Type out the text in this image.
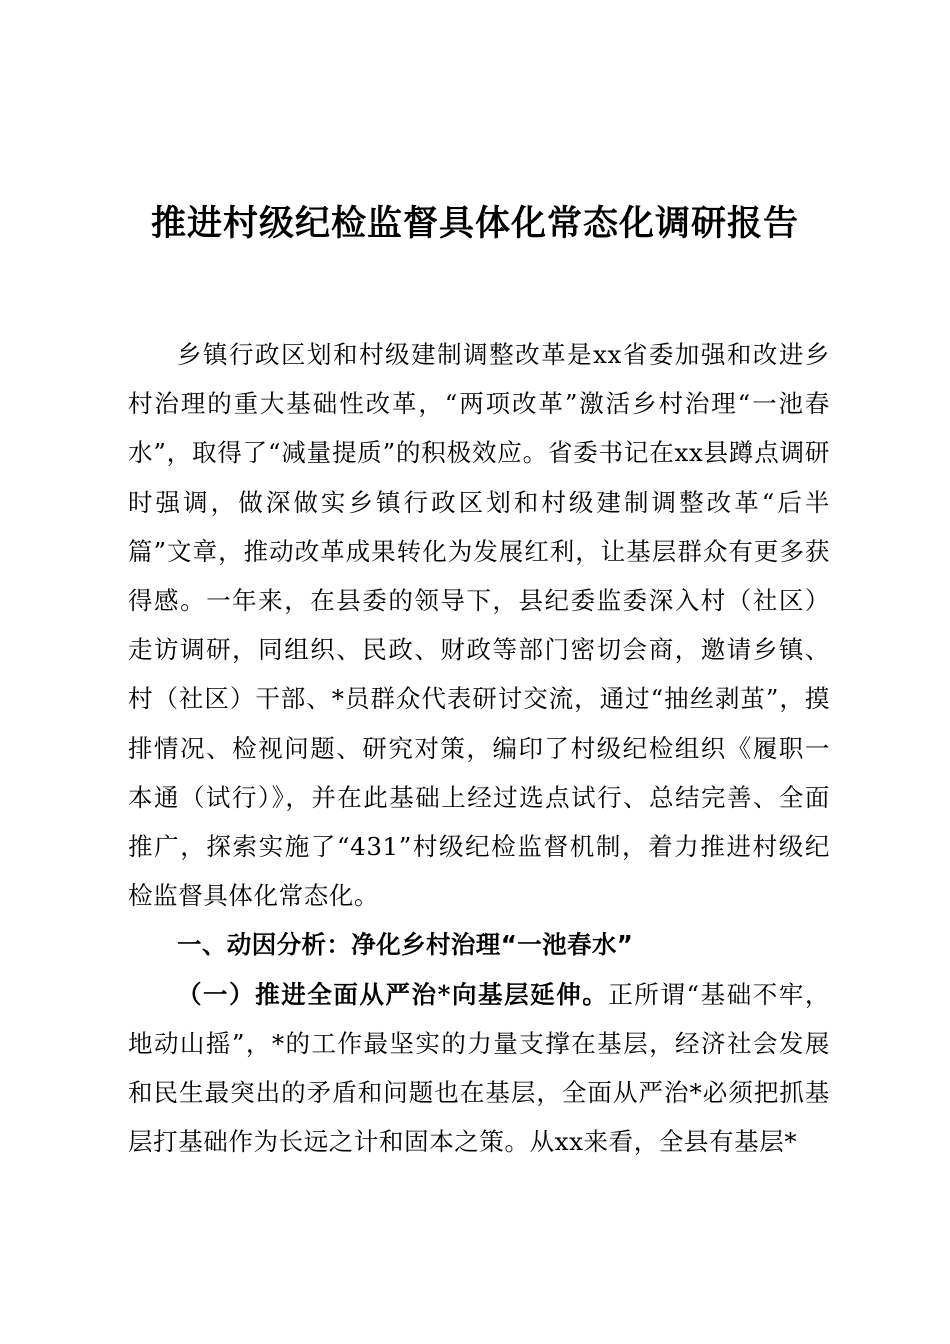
推进村级纪检监督具体化常态化调研报告

乡镇行政区划和村级建制调整改革是xx省委加强和改进乡村治理的重大基础性改革，“两项改革”激活乡村治理“一池春水”，取得了“减量提质”的积极效应。省委书记在xx县蹲点调研时强调，做深做实乡镇行政区划和村级建制调整改革“后半篇”文章，推动改革成果转化为发展红利，让基层群众有更多获得感。一年来，在县委的领导下，县纪委监委深入村（社区）走访调研，同组织、民政、财政等部门密切会商，邀请乡镇、村（社区）干部、*员群众代表研讨交流，通过“抽丝剥茧”，摸排情况、检视问题、研究对策，编印了村级纪检组织《履职一本通（试行）》，并在此基础上经过选点试行、总结完善、全面推广，探索实施了“431”村级纪检监督机制，着力推进村级纪检监督具体化常态化。

一、动因分析：净化乡村治理“一池春水”

（一）推进全面从严治*向基层延伸。正所谓“基础不牢，地动山摇”，*的工作最坚实的力量支撑在基层，经济社会发展和民生最突出的矛盾和问题也在基层，全面从严治*必须把抓基层打基础作为长远之计和固本之策。从xx来看，全县有基层*
